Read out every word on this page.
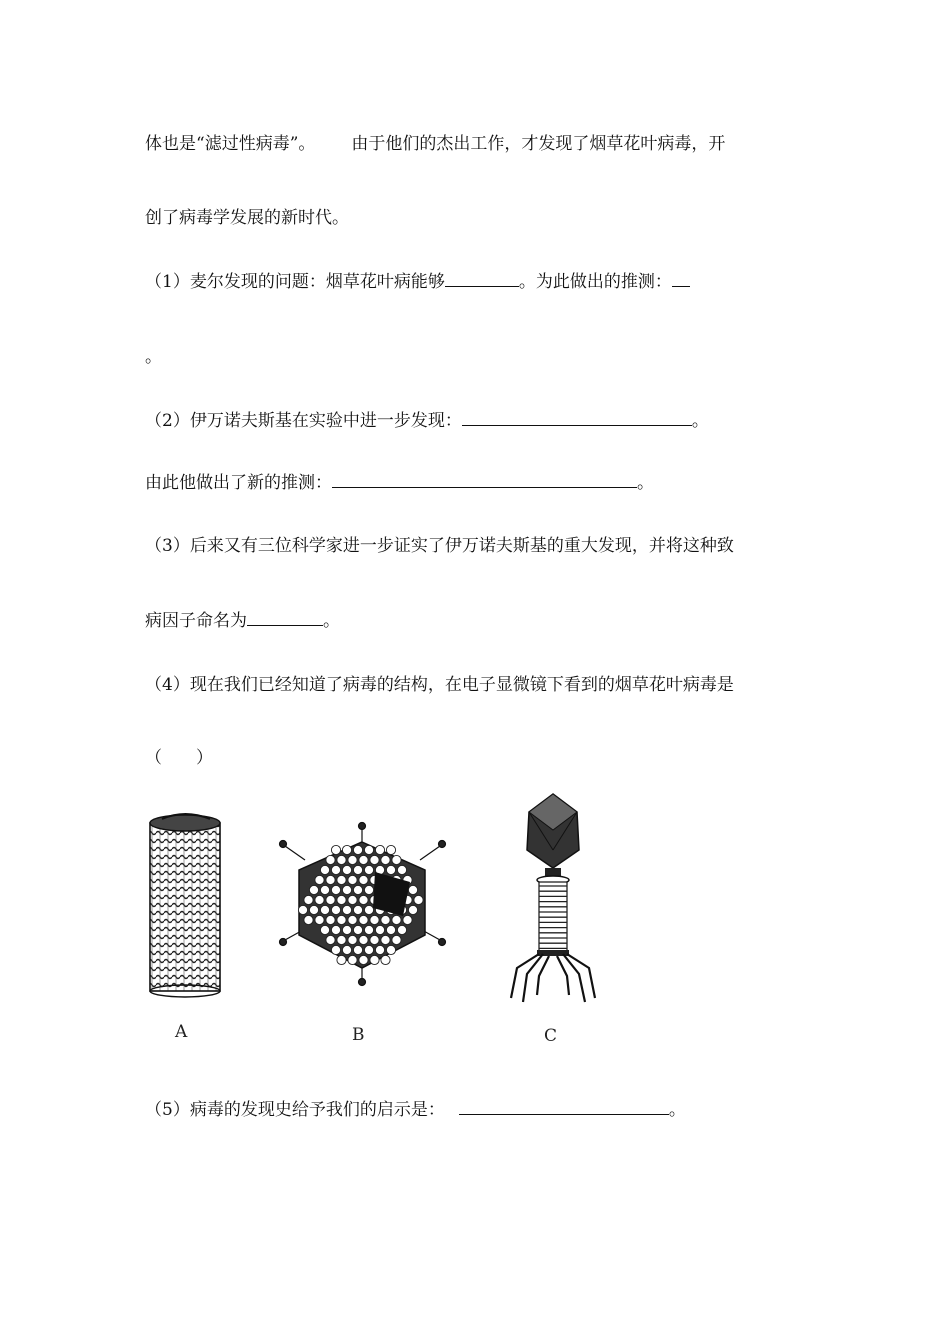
体也是“滤过性病毒”。 由于他们的杰出工作，才发现了烟草花叶病毒，开
创了病毒学发展的新时代。
（1）麦尔发现的问题：烟草花叶病能够	。为此做出的推测：
。
（2）伊万诺夫斯基在实验中进一步发现：	。
由此他做出了新的推测：	。
（3）后来又有三位科学家进一步证实了伊万诺夫斯基的重大发现，并将这种致
病因子命名为	。
（4）现在我们已经知道了病毒的结构，在电子显微镜下看到的烟草花叶病毒是
（　　）
A	B	C
（5）病毒的发现史给予我们的启示是：	。
